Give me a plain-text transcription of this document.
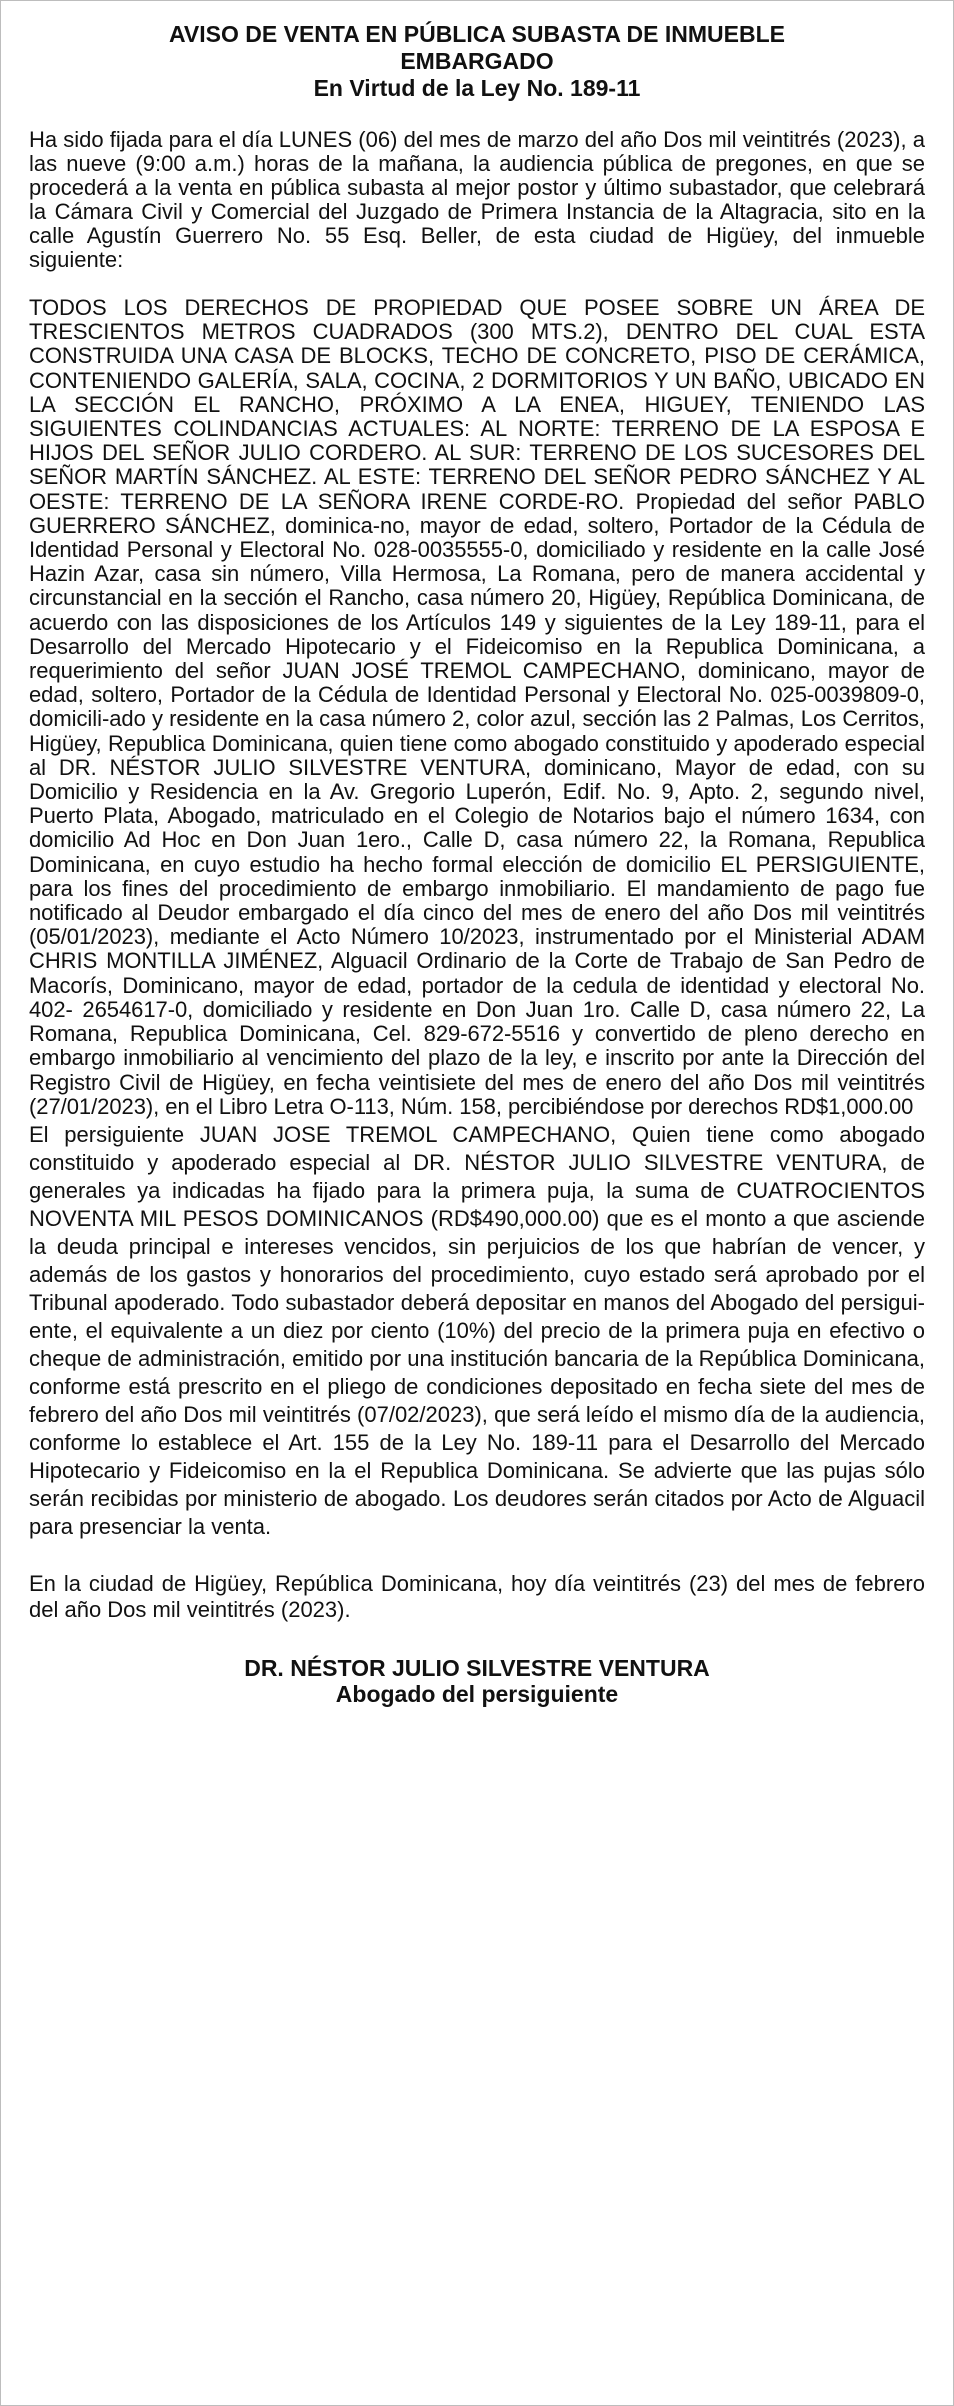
AVISO DE VENTA EN PÚBLICA SUBASTA DE INMUEBLE
EMBARGADO
En Virtud de la Ley No. 189-11

Ha sido fijada para el día LUNES (06) del mes de marzo del año Dos mil veintitrés (2023), a las nueve (9:00 a.m.) horas de la mañana, la audiencia pública de pregones, en que se procederá a la venta en pública subasta al mejor postor y último subastador, que celebrará la Cámara Civil y Comercial del Juzgado de Primera Instancia de la Altagracia, sito en la calle Agustín Guerrero No. 55 Esq. Beller, de esta ciudad de Higüey, del inmueble siguiente:

TODOS LOS DERECHOS DE PROPIEDAD QUE POSEE SOBRE UN ÁREA DE TRESCIENTOS METROS CUADRADOS (300 MTS.2), DENTRO DEL CUAL ESTA CONSTRUIDA UNA CASA DE BLOCKS, TECHO DE CONCRETO, PISO DE CERÁMICA, CONTENIENDO GALERÍA, SALA, COCINA, 2 DORMITORIOS Y UN BAÑO, UBICADO EN LA SECCIÓN EL RANCHO, PRÓXIMO A LA ENEA, HIGUEY, TENIENDO LAS SIGUIENTES COLINDANCIAS ACTUALES: AL NORTE: TERRENO DE LA ESPOSA E HIJOS DEL SEÑOR JULIO CORDERO. AL SUR: TERRENO DE LOS SUCESORES DEL SEÑOR MARTÍN SÁNCHEZ. AL ESTE: TERRENO DEL SEÑOR PEDRO SÁNCHEZ Y AL OESTE: TERRENO DE LA SEÑORA IRENE CORDE-RO. Propiedad del señor PABLO GUERRERO SÁNCHEZ, dominica-no, mayor de edad, soltero, Portador de la Cédula de Identidad Personal y Electoral No. 028-0035555-0, domiciliado y residente en la calle José Hazin Azar, casa sin número, Villa Hermosa, La Romana, pero de manera accidental y circunstancial en la sección el Rancho, casa número 20, Higüey, República Dominicana, de acuerdo con las disposiciones de los Artículos 149 y siguientes de la Ley 189-11, para el Desarrollo del Mercado Hipotecario y el Fideicomiso en la Republica Dominicana, a requerimiento del señor JUAN JOSÉ TREMOL CAMPECHANO, dominicano, mayor de edad, soltero, Portador de la Cédula de Identidad Personal y Electoral No. 025-0039809-0, domicili-ado y residente en la casa número 2, color azul, sección las 2 Palmas, Los Cerritos, Higüey, Republica Dominicana, quien tiene como abogado constituido y apoderado especial al DR. NÉSTOR JULIO SILVESTRE VENTURA, dominicano, Mayor de edad, con su Domicilio y Residencia en la Av. Gregorio Luperón, Edif. No. 9, Apto. 2, segundo nivel, Puerto Plata, Abogado, matriculado en el Colegio de Notarios bajo el número 1634, con domicilio Ad Hoc en Don Juan 1ero., Calle D, casa número 22, la Romana, Republica Dominicana, en cuyo estudio ha hecho formal elección de domicilio EL PERSIGUIENTE, para los fines del procedimiento de embargo inmobiliario. El mandamiento de pago fue notificado al Deudor embargado el día cinco del mes de enero del año Dos mil veintitrés (05/01/2023), mediante el Acto Número 10/2023, instrumentado por el Ministerial ADAM CHRIS MONTILLA JIMÉNEZ, Alguacil Ordinario de la Corte de Trabajo de San Pedro de Macorís, Dominicano, mayor de edad, portador de la cedula de identidad y electoral No. 402- 2654617-0, domiciliado y residente en Don Juan 1ro. Calle D, casa número 22, La Romana, Republica Dominicana, Cel. 829-672-5516 y convertido de pleno derecho en embargo inmobiliario al vencimiento del plazo de la ley, e inscrito por ante la Dirección del Registro Civil de Higüey, en fecha veintisiete del mes de enero del año Dos mil veintitrés (27/01/2023), en el Libro Letra O-113, Núm. 158, percibiéndose por derechos RD$1,000.00

El persiguiente JUAN JOSE TREMOL CAMPECHANO, Quien tiene como abogado constituido y apoderado especial al DR. NÉSTOR JULIO SILVESTRE VENTURA, de generales ya indicadas ha fijado para la primera puja, la suma de CUATROCIENTOS NOVENTA MIL PESOS DOMINICANOS (RD$490,000.00) que es el monto a que asciende la deuda principal e intereses vencidos, sin perjuicios de los que habrían de vencer, y además de los gastos y honorarios del procedimiento, cuyo estado será aprobado por el Tribunal apoderado. Todo subastador deberá depositar en manos del Abogado del persigui-ente, el equivalente a un diez por ciento (10%) del precio de la primera puja en efectivo o cheque de administración, emitido por una institución bancaria de la República Dominicana, conforme está prescrito en el pliego de condiciones depositado en fecha siete del mes de febrero del año Dos mil veintitrés (07/02/2023), que será leído el mismo día de la audiencia, conforme lo establece el Art. 155 de la Ley No. 189-11 para el Desarrollo del Mercado Hipotecario y Fideicomiso en la el Republica Dominicana. Se advierte que las pujas sólo serán recibidas por ministerio de abogado. Los deudores serán citados por Acto de Alguacil para presenciar la venta.

En la ciudad de Higüey, República Dominicana, hoy día veintitrés (23) del mes de febrero del año Dos mil veintitrés (2023).

DR. NÉSTOR JULIO SILVESTRE VENTURA
Abogado del persiguiente
